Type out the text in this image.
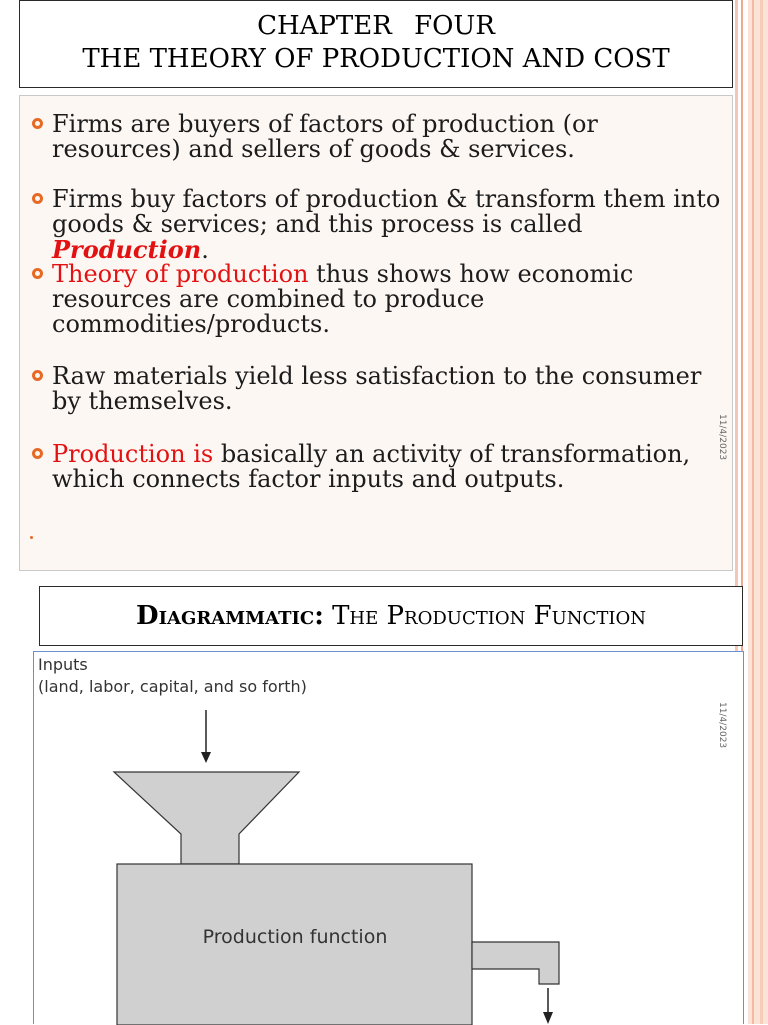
CHAPTER FOUR
THE THEORY OF PRODUCTION AND COST
Firms are buyers of factors of production (or resources) and sellers of goods & services.
Firms buy factors of production & transform them into goods & services; and this process is called Production.
Theory of production thus shows how economic resources are combined to produce commodities/products.
Raw materials yield less satisfaction to the consumer by themselves.
Production is basically an activity of transformation, which connects factor inputs and outputs.
11/4/2023
Diagrammatic: The Production Function
Inputs
(land, labor, capital, and so forth)
Production function
11/4/2023
